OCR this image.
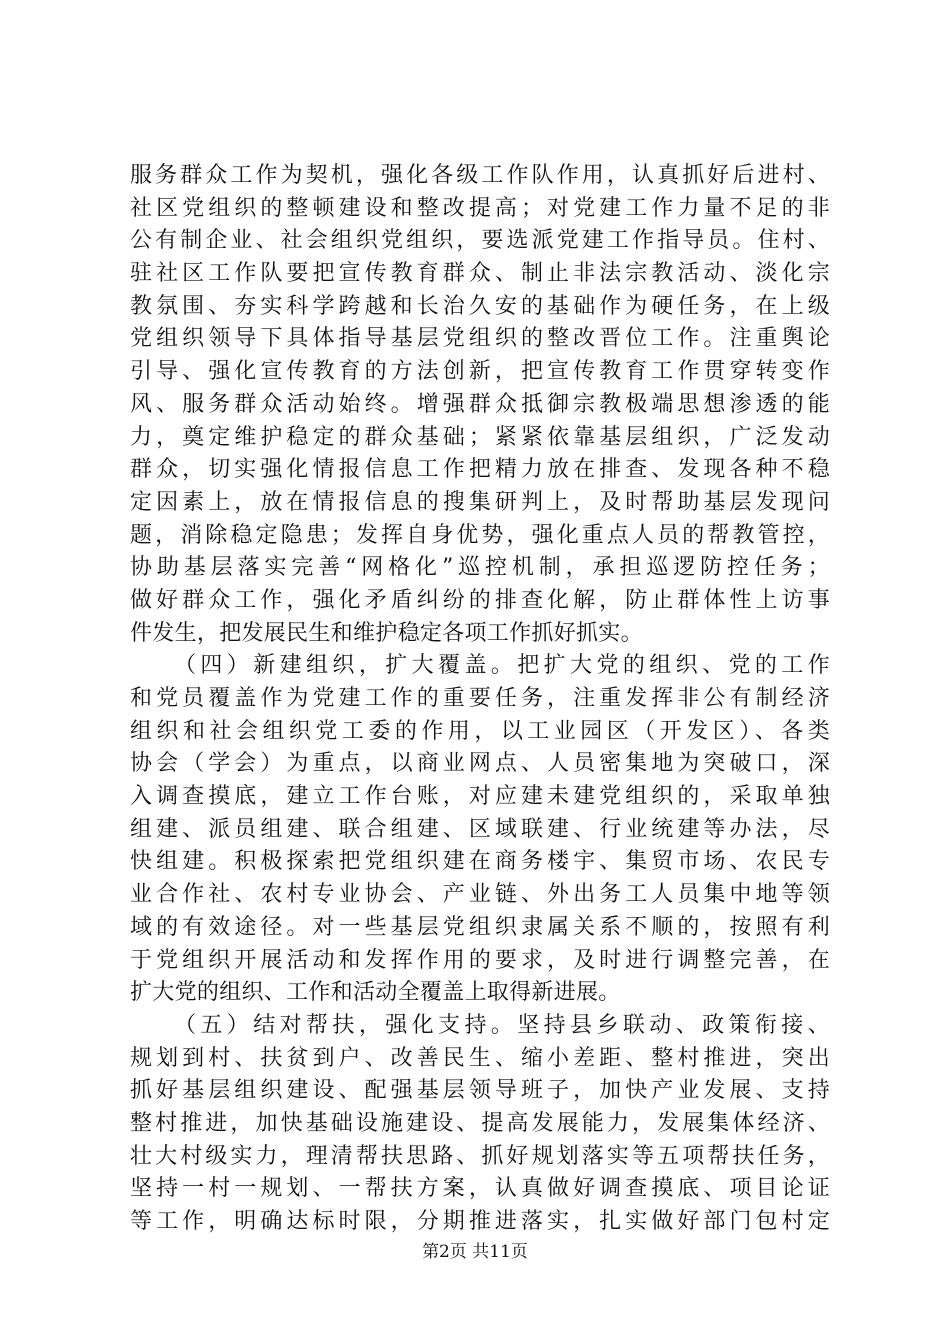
服务群众工作为契机，强化各级工作队作用，认真抓好后进村、
社区党组织的整顿建设和整改提高；对党建工作力量不足的非
公有制企业、社会组织党组织，要选派党建工作指导员。住村、
驻社区工作队要把宣传教育群众、制止非法宗教活动、淡化宗
教氛围、夯实科学跨越和长治久安的基础作为硬任务，在上级
党组织领导下具体指导基层党组织的整改晋位工作。注重舆论
引导、强化宣传教育的方法创新，把宣传教育工作贯穿转变作
风、服务群众活动始终。增强群众抵御宗教极端思想渗透的能
力，奠定维护稳定的群众基础；紧紧依靠基层组织，广泛发动
群众，切实强化情报信息工作把精力放在排查、发现各种不稳
定因素上，放在情报信息的搜集研判上，及时帮助基层发现问
题，消除稳定隐患；发挥自身优势，强化重点人员的帮教管控，
协助基层落实完善“网格化”巡控机制，承担巡逻防控任务；
做好群众工作，强化矛盾纠纷的排查化解，防止群体性上访事
件发生，把发展民生和维护稳定各项工作抓好抓实。
（四）新建组织，扩大覆盖。把扩大党的组织、党的工作
和党员覆盖作为党建工作的重要任务，注重发挥非公有制经济
组织和社会组织党工委的作用，以工业园区（开发区）、各类
协会（学会）为重点，以商业网点、人员密集地为突破口，深
入调查摸底，建立工作台账，对应建未建党组织的，采取单独
组建、派员组建、联合组建、区域联建、行业统建等办法，尽
快组建。积极探索把党组织建在商务楼宇、集贸市场、农民专
业合作社、农村专业协会、产业链、外出务工人员集中地等领
域的有效途径。对一些基层党组织隶属关系不顺的，按照有利
于党组织开展活动和发挥作用的要求，及时进行调整完善，在
扩大党的组织、工作和活动全覆盖上取得新进展。
（五）结对帮扶，强化支持。坚持县乡联动、政策衔接、
规划到村、扶贫到户、改善民生、缩小差距、整村推进，突出
抓好基层组织建设、配强基层领导班子，加快产业发展、支持
整村推进，加快基础设施建设、提高发展能力，发展集体经济、
壮大村级实力，理清帮扶思路、抓好规划落实等五项帮扶任务，
坚持一村一规划、一帮扶方案，认真做好调查摸底、项目论证
等工作，明确达标时限，分期推进落实，扎实做好部门包村定
第2页 共11页
